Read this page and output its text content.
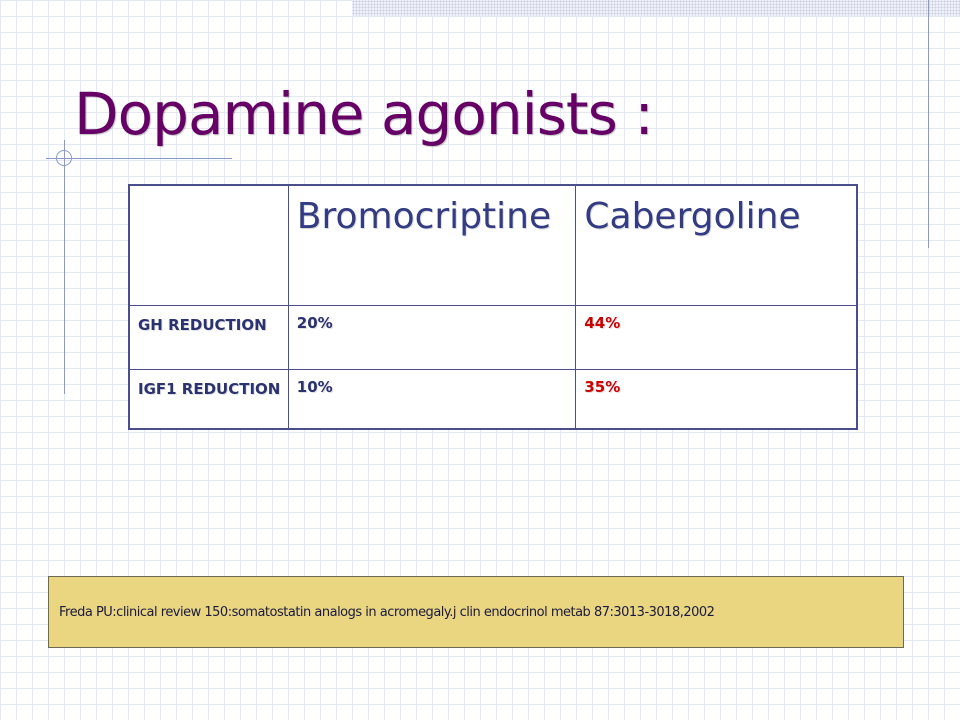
Dopamine agonists :
	Bromocriptine	Cabergoline
GH REDUCTION	20%	44%
IGF1 REDUCTION	10%	35%
Freda PU:clinical review 150:somatostatin analogs in acromegaly.j clin endocrinol metab 87:3013-3018,2002
